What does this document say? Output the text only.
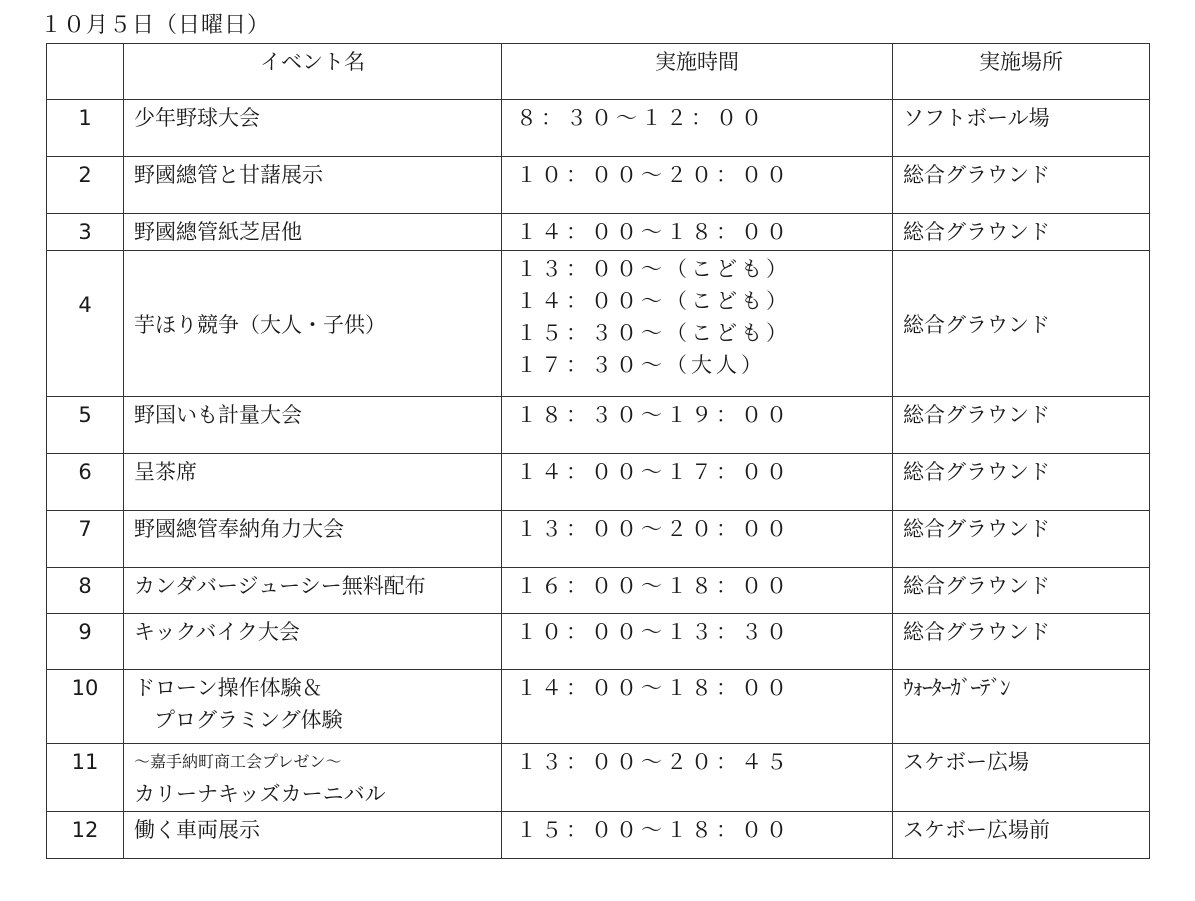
１０月５日（日曜日）
	イベント名	実施時間	実施場所
1	少年野球大会	８：３０～１２：００	ソフトボール場
2	野國總管と甘藷展示	１０：００～２０：００	総合グラウンド
3	野國總管紙芝居他	１４：００～１８：００	総合グラウンド
4	芋ほり競争（大人・子供）	１３：００～（こども）
１４：００～（こども）
１５：３０～（こども）
１７：３０～（大人）	総合グラウンド
5	野国いも計量大会	１８：３０～１９：００	総合グラウンド
6	呈茶席	１４：００～１７：００	総合グラウンド
7	野國總管奉納角力大会	１３：００～２０：００	総合グラウンド
8	カンダバージューシー無料配布	１６：００～１８：００	総合グラウンド
9	キックバイク大会	１０：００～１３：３０	総合グラウンド
10	ドローン操作体験＆
プログラミング体験	１４：００～１８：００	ｳｫｰﾀｰｶﾞｰﾃﾞﾝ
11	～嘉手納町商工会プレゼン～
カリーナキッズカーニバル	１３：００～２０：４５	スケボー広場
12	働く車両展示	１５：００～１８：００	スケボー広場前
